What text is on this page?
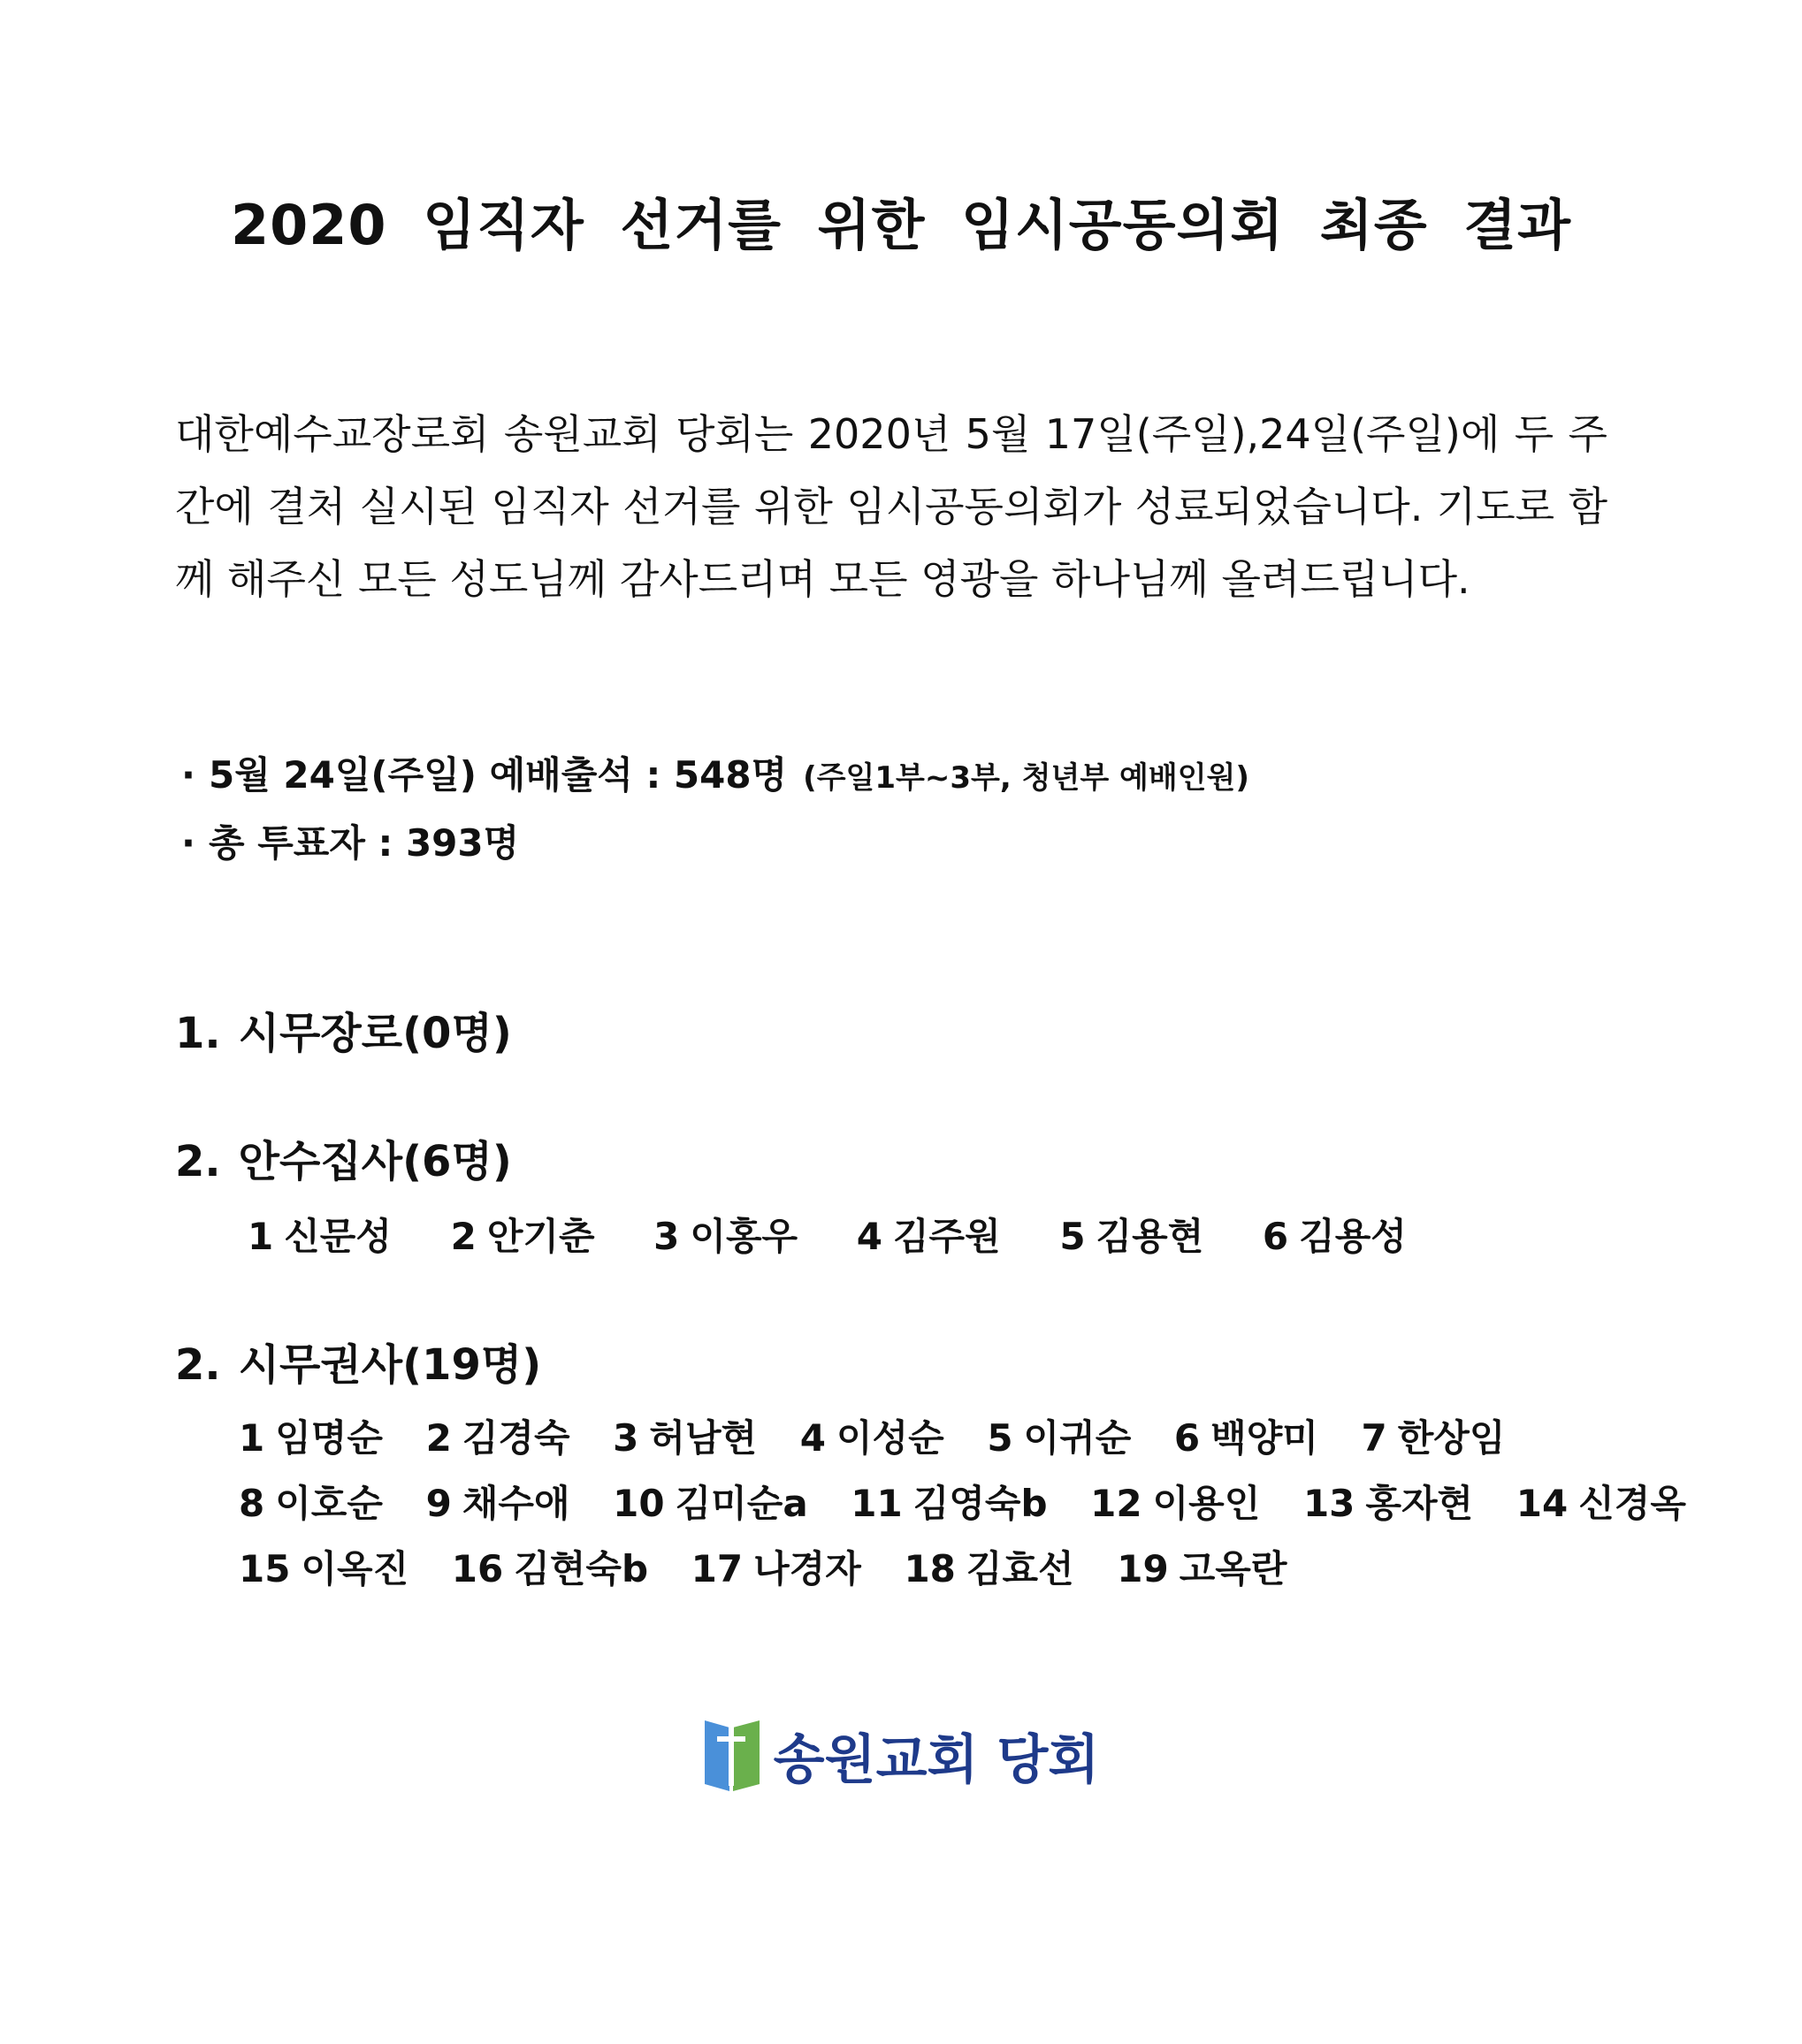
2020 임직자 선거를 위한 임시공동의회 최종 결과

대한예수교장로회 송원교회 당회는 2020년 5월 17일(주일),24일(주일)에 두 주간에 결처 실시된 임직자 선거를 위한 임시공동의회가 성료되었습니다. 기도로 함께 해주신 모든 성도님께 감사드리며 모든 영광을 하나님께 올려드립니다.

· 5월 24일(주일) 예배출석 : 548명 (주일1부~3부, 청년부 예배인원)
· 총 투표자 : 393명
1. 시무장로(0명)
2. 안수집사(6명)
1 신문성 2 안기춘 3 이홍우 4 김주원 5 김용현 6 김용성
2. 시무권사(19명)
1 임명순 2 김경숙 3 허남현 4 이성순 5 이귀순 6 백양미 7 한상임
8 이호순 9 채수애 10 김미순a 11 김영숙b 12 이용인 13 홍자현 14 신경옥
15 이옥진 16 김현숙b 17 나경자 18 김효선 19 고옥란
송원교회 당회
